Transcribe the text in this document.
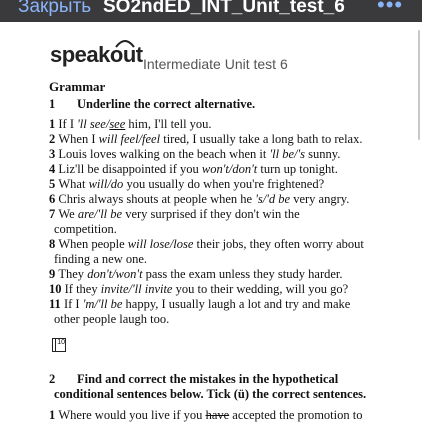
Закрыть SO2ndED_INT_Unit_test_6 •••
speakout Intermediate Unit test 6
Grammar
1 Underline the correct alternative.
1 If I 'll see/see him, I'll tell you.
2 When I will feel/feel tired, I usually take a long bath to relax.
3 Louis loves walking on the beach when it 'll be/'s sunny.
4 Liz'll be disappointed if you won't/don't turn up tonight.
5 What will/do you usually do when you're frightened?
6 Chris always shouts at people when he 's/'d be very angry.
7 We are/'ll be very surprised if they don't win the
competition.
8 When people will lose/lose their jobs, they often worry about
finding a new one.
9 They don't/won't pass the exam unless they study harder.
10 If they invite/'ll invite you to their wedding, will you go?
11 If I 'm/'ll be happy, I usually laugh a lot and try and make
other people laugh too.
10
2 Find and correct the mistakes in the hypothetical
conditional sentences below. Tick (ü) the correct sentences.
1 Where would you live if you have accepted the promotion to
